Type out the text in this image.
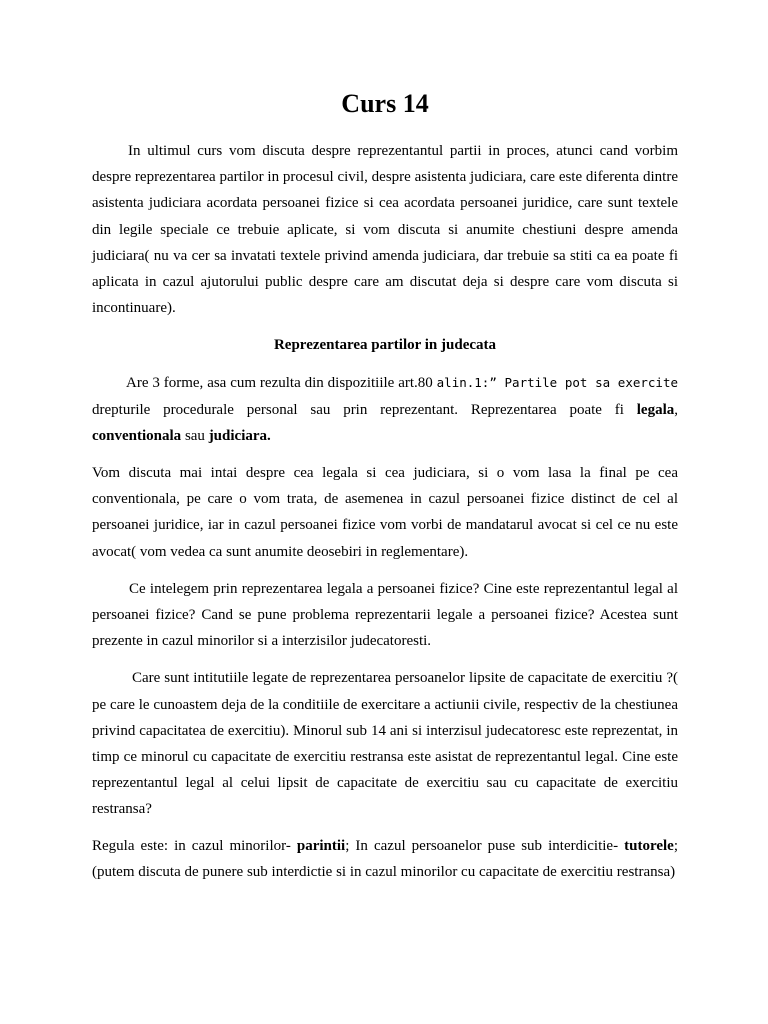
Curs 14

In ultimul curs vom discuta despre reprezentantul partii in proces, atunci cand vorbim despre reprezentarea partilor in procesul civil, despre asistenta judiciara, care este diferenta dintre asistenta judiciara acordata persoanei fizice si cea acordata persoanei juridice, care sunt textele din legile speciale ce trebuie aplicate, si vom discuta si anumite chestiuni despre amenda judiciara( nu va cer sa invatati textele privind amenda judiciara, dar trebuie sa stiti ca ea poate fi aplicata in cazul ajutorului public despre care am discutat deja si despre care vom discuta si incontinuare).

Reprezentarea partilor in judecata

Are 3 forme, asa cum rezulta din dispozitiile art.80 alin.1:” Partile pot sa exercite drepturile procedurale personal sau prin reprezentant. Reprezentarea poate fi legala, conventionala sau judiciara.

Vom discuta mai intai despre cea legala si cea judiciara, si o vom lasa la final pe cea conventionala, pe care o vom trata, de asemenea in cazul persoanei fizice distinct de cel al persoanei juridice, iar in cazul persoanei fizice vom vorbi de mandatarul avocat si cel ce nu este avocat( vom vedea ca sunt anumite deosebiri in reglementare).

Ce intelegem prin reprezentarea legala a persoanei fizice? Cine este reprezentantul legal al persoanei fizice? Cand se pune problema reprezentarii legale a persoanei fizice? Acestea sunt prezente in cazul minorilor si a interzisilor judecatoresti.

Care sunt intitutiile legate de reprezentarea persoanelor lipsite de capacitate de exercitiu ?( pe care le cunoastem deja de la conditiile de exercitare a actiunii civile, respectiv de la chestiunea privind capacitatea de exercitiu). Minorul sub 14 ani si interzisul judecatoresc este reprezentat, in timp ce minorul cu capacitate de exercitiu restransa este asistat de reprezentantul legal. Cine este reprezentantul legal al celui lipsit de capacitate de exercitiu sau cu capacitate de exercitiu restransa?

Regula este: in cazul minorilor- parintii; In cazul persoanelor puse sub interdicitie- tutorele; (putem discuta de punere sub interdictie si in cazul minorilor cu capacitate de exercitiu restransa)
